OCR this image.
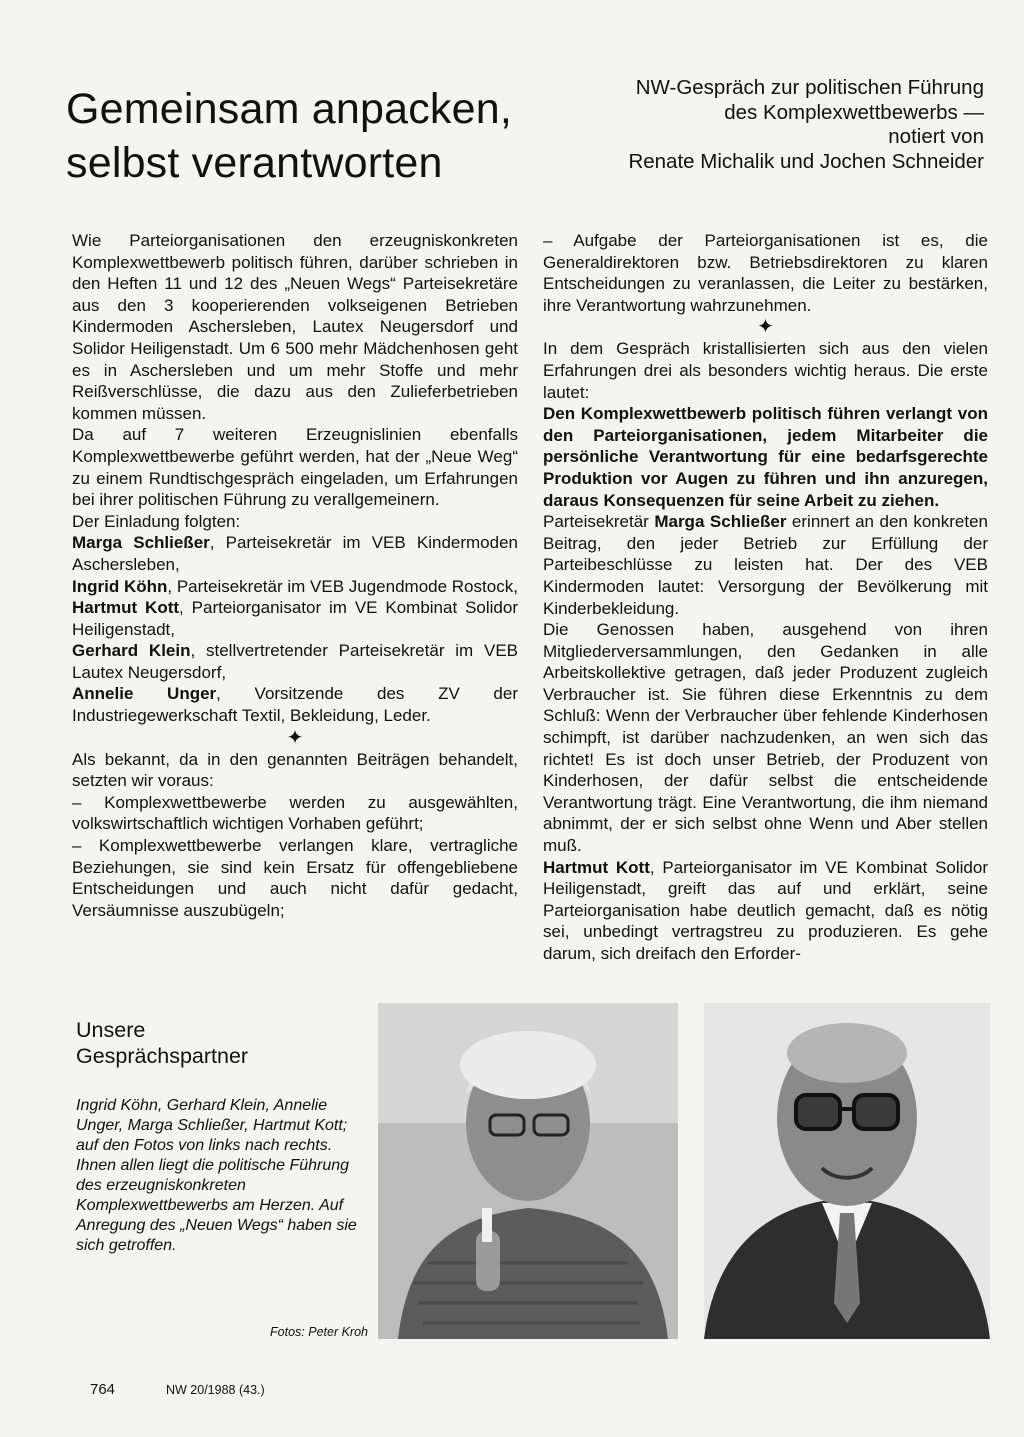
Gemeinsam anpacken,
selbst verantworten
NW-Gespräch zur politischen Führung
des Komplexwettbewerbs —
notiert von
Renate Michalik und Jochen Schneider

Wie Parteiorganisationen den erzeugniskonkreten Komplexwettbewerb politisch führen, darüber schrieben in den Heften 11 und 12 des „Neuen Wegs“ Parteisekretäre aus den 3 kooperierenden volkseigenen Betrieben Kindermoden Aschersleben, Lautex Neugersdorf und Solidor Heiligenstadt. Um 6 500 mehr Mädchenhosen geht es in Aschersleben und um mehr Stoffe und mehr Reißverschlüsse, die dazu aus den Zulieferbetrieben kommen müssen.

Da auf 7 weiteren Erzeugnislinien ebenfalls Komplexwettbewerbe geführt werden, hat der „Neue Weg“ zu einem Rundtischgespräch eingeladen, um Erfahrungen bei ihrer politischen Führung zu verallgemeinern.

Der Einladung folgten:

Marga Schließer, Parteisekretär im VEB Kindermoden Aschersleben,

Ingrid Köhn, Parteisekretär im VEB Jugendmode Rostock,

Hartmut Kott, Parteiorganisator im VE Kombinat Solidor Heiligenstadt,

Gerhard Klein, stellvertretender Parteisekretär im VEB Lautex Neugersdorf,

Annelie Unger, Vorsitzende des ZV der Industriegewerkschaft Textil, Bekleidung, Leder.

✦

Als bekannt, da in den genannten Beiträgen behandelt, setzten wir voraus:

– Komplexwettbewerbe werden zu ausgewählten, volkswirtschaftlich wichtigen Vorhaben geführt;
– Komplexwettbewerbe verlangen klare, vertragliche Beziehungen, sie sind kein Ersatz für offengebliebene Entscheidungen und auch nicht dafür gedacht, Versäumnisse auszubügeln;

– Aufgabe der Parteiorganisationen ist es, die Generaldirektoren bzw. Betriebsdirektoren zu klaren Entscheidungen zu veranlassen, die Leiter zu bestärken, ihre Verantwortung wahrzunehmen.

✦

In dem Gespräch kristallisierten sich aus den vielen Erfahrungen drei als besonders wichtig heraus. Die erste lautet:

Den Komplexwettbewerb politisch führen verlangt von den Parteiorganisationen, jedem Mitarbeiter die persönliche Verantwortung für eine bedarfsgerechte Produktion vor Augen zu führen und ihn anzuregen, daraus Konsequenzen für seine Arbeit zu ziehen.

Parteisekretär Marga Schließer erinnert an den konkreten Beitrag, den jeder Betrieb zur Erfüllung der Parteibeschlüsse zu leisten hat. Der des VEB Kindermoden lautet: Versorgung der Bevölkerung mit Kinderbekleidung.

Die Genossen haben, ausgehend von ihren Mitgliederversammlungen, den Gedanken in alle Arbeitskollektive getragen, daß jeder Produzent zugleich Verbraucher ist. Sie führen diese Erkenntnis zu dem Schluß: Wenn der Verbraucher über fehlende Kinderhosen schimpft, ist darüber nachzudenken, an wen sich das richtet! Es ist doch unser Betrieb, der Produzent von Kinderhosen, der dafür selbst die entscheidende Verantwortung trägt. Eine Verantwortung, die ihm niemand abnimmt, der er sich selbst ohne Wenn und Aber stellen muß.

Hartmut Kott, Parteiorganisator im VE Kombinat Solidor Heiligenstadt, greift das auf und erklärt, seine Parteiorganisation habe deutlich gemacht, daß es nötig sei, unbedingt vertragstreu zu produzieren. Es gehe darum, sich dreifach den Erforder-

Unsere
Gesprächspartner

Ingrid Köhn, Gerhard Klein, Annelie Unger, Marga Schließer, Hartmut Kott; auf den Fotos von links nach rechts. Ihnen allen liegt die politische Führung des erzeugniskonkreten Komplexwettbewerbs am Herzen. Auf Anregung des „Neuen Wegs“ haben sie sich getroffen.

Fotos: Peter Kroh
764	NW 20/1988 (43.)
